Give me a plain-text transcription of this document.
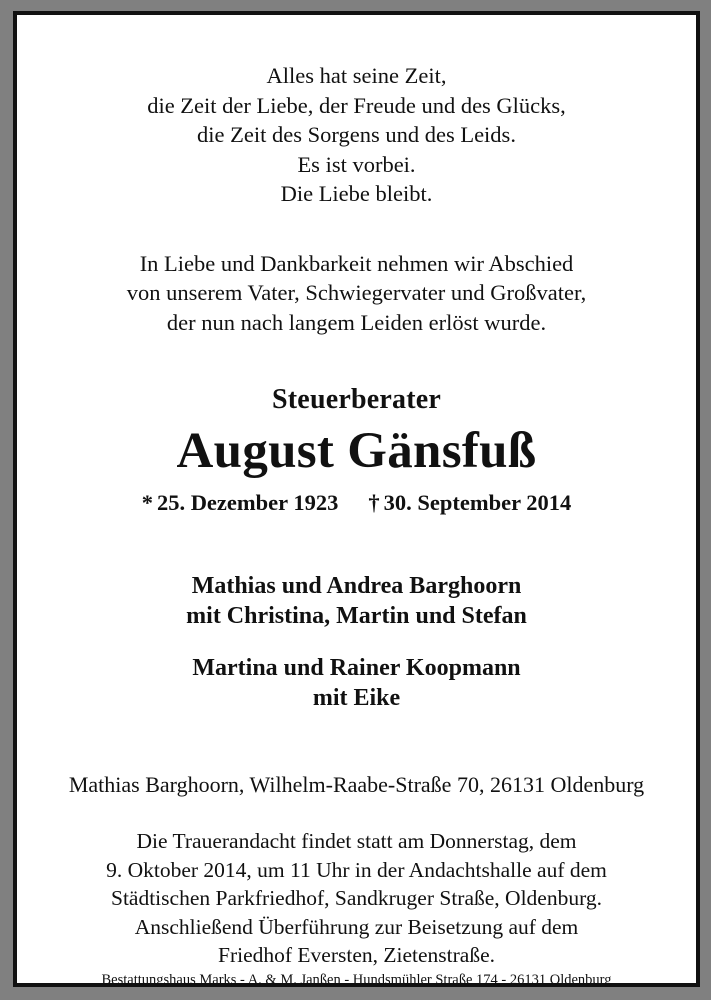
Alles hat seine Zeit,
die Zeit der Liebe, der Freude und des Glücks,
die Zeit des Sorgens und des Leids.
Es ist vorbei.
Die Liebe bleibt.
In Liebe und Dankbarkeit nehmen wir Abschied
von unserem Vater, Schwiegervater und Großvater,
der nun nach langem Leiden erlöst wurde.
Steuerberater
August Gänsfuß
* 25. Dezember 1923 † 30. September 2014
Mathias und Andrea Barghoorn
mit Christina, Martin und Stefan
Martina und Rainer Koopmann
mit Eike
Mathias Barghoorn, Wilhelm-Raabe-Straße 70, 26131 Oldenburg
Die Trauerandacht findet statt am Donnerstag, dem
9. Oktober 2014, um 11 Uhr in der Andachtshalle auf dem
Städtischen Parkfriedhof, Sandkruger Straße, Oldenburg.
Anschließend Überführung zur Beisetzung auf dem
Friedhof Eversten, Zietenstraße.
Bestattungshaus Marks - A. & M. Janßen - Hundsmühler Straße 174 - 26131 Oldenburg
